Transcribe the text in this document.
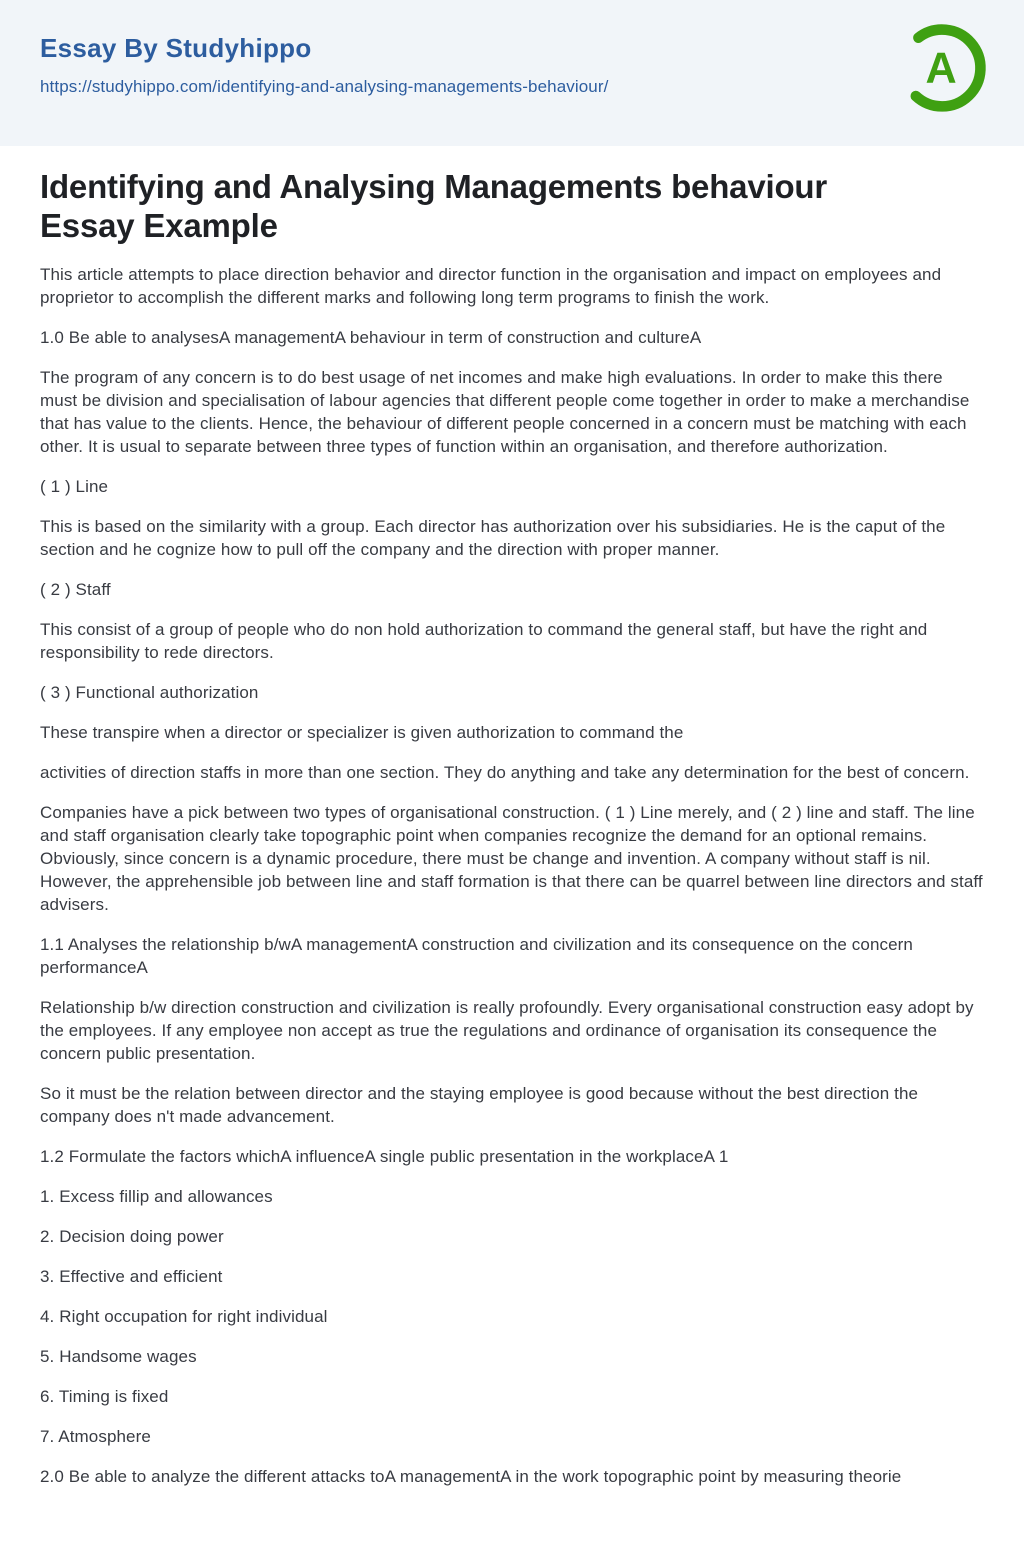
Essay By Studyhippo
https://studyhippo.com/identifying-and-analysing-managements-behaviour/	A
Identifying and Analysing Managements behaviour Essay Example

This article attempts to place direction behavior and director function in the organisation and impact on employees and proprietor to accomplish the different marks and following long term programs to finish the work.

1.0 Be able to analysesA managementA behaviour in term of construction and cultureA

The program of any concern is to do best usage of net incomes and make high evaluations. In order to make this there must be division and specialisation of labour agencies that different people come together in order to make a merchandise that has value to the clients. Hence, the behaviour of different people concerned in a concern must be matching with each other. It is usual to separate between three types of function within an organisation, and therefore authorization.

( 1 ) Line

This is based on the similarity with a group. Each director has authorization over his subsidiaries. He is the caput of the section and he cognize how to pull off the company and the direction with proper manner.

( 2 ) Staff

This consist of a group of people who do non hold authorization to command the general staff, but have the right and responsibility to rede directors.

( 3 ) Functional authorization

These transpire when a director or specializer is given authorization to command the

activities of direction staffs in more than one section. They do anything and take any determination for the best of concern.

Companies have a pick between two types of organisational construction. ( 1 ) Line merely, and ( 2 ) line and staff. The line and staff organisation clearly take topographic point when companies recognize the demand for an optional remains. Obviously, since concern is a dynamic procedure, there must be change and invention. A company without staff is nil. However, the apprehensible job between line and staff formation is that there can be quarrel between line directors and staff advisers.

1.1 Analyses the relationship b/wA managementA construction and civilization and its consequence on the concern performanceA

Relationship b/w direction construction and civilization is really profoundly. Every organisational construction easy adopt by the employees. If any employee non accept as true the regulations and ordinance of organisation its consequence the concern public presentation.

So it must be the relation between director and the staying employee is good because without the best direction the company does n't made advancement.

1.2 Formulate the factors whichA influenceA single public presentation in the workplaceA 1

1. Excess fillip and allowances

2. Decision doing power

3. Effective and efficient

4. Right occupation for right individual

5. Handsome wages

6. Timing is fixed

7. Atmosphere

2.0 Be able to analyze the different attacks toA managementA in the work topographic point by measuring theorie
